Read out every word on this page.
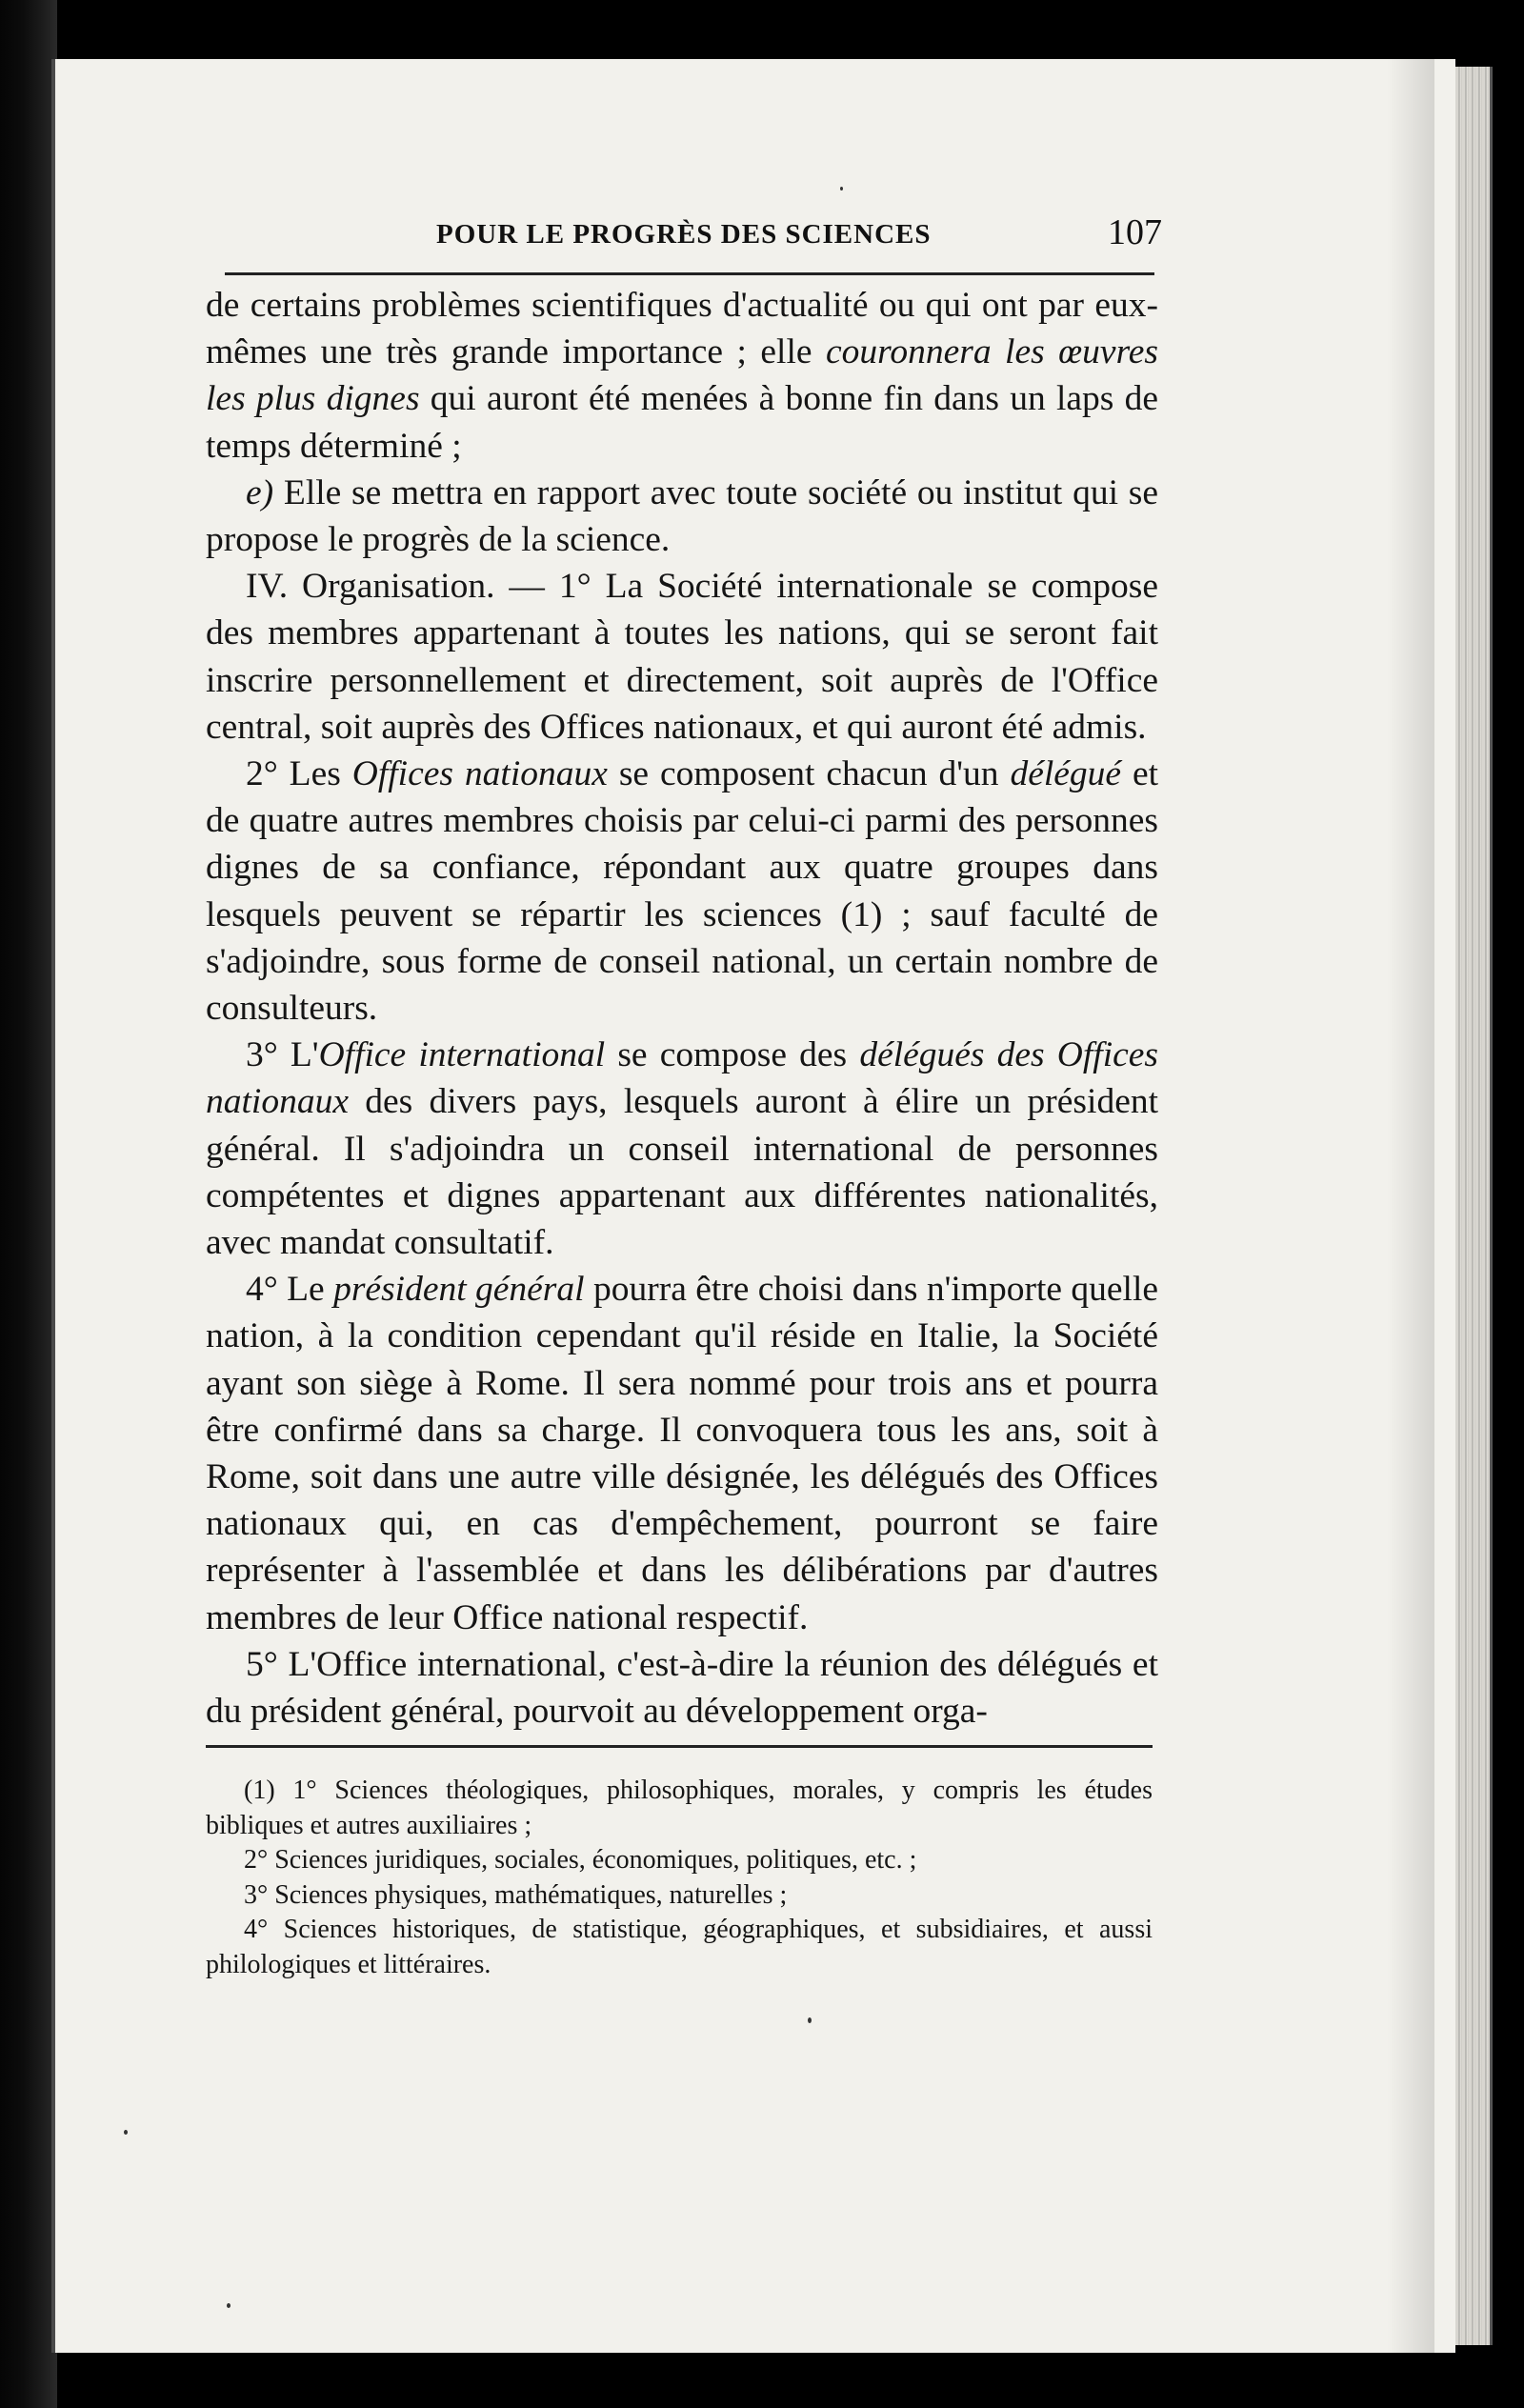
POUR LE PROGRÈS DES SCIENCES	107

de certains problèmes scientifiques d'actualité ou qui ont par eux-mêmes une très grande importance ; elle couronnera les œuvres les plus dignes qui auront été menées à bonne fin dans un laps de temps déterminé ;

e) Elle se mettra en rapport avec toute société ou institut qui se propose le progrès de la science.

IV. Organisation. — 1° La Société internationale se compose des membres appartenant à toutes les nations, qui se seront fait inscrire personnellement et directement, soit auprès de l'Office central, soit auprès des Offices nationaux, et qui auront été admis.

2° Les Offices nationaux se composent chacun d'un délégué et de quatre autres membres choisis par celui-ci parmi des personnes dignes de sa confiance, répondant aux quatre groupes dans lesquels peuvent se répartir les sciences (1) ; sauf faculté de s'adjoindre, sous forme de conseil national, un certain nombre de consulteurs.

3° L'Office international se compose des délégués des Offices nationaux des divers pays, lesquels auront à élire un président général. Il s'adjoindra un conseil international de personnes compétentes et dignes appartenant aux différentes nationalités, avec mandat consultatif.

4° Le président général pourra être choisi dans n'importe quelle nation, à la condition cependant qu'il réside en Italie, la Société ayant son siège à Rome. Il sera nommé pour trois ans et pourra être confirmé dans sa charge. Il convoquera tous les ans, soit à Rome, soit dans une autre ville désignée, les délégués des Offices nationaux qui, en cas d'empêchement, pourront se faire représenter à l'assemblée et dans les délibérations par d'autres membres de leur Office national respectif.

5° L'Office international, c'est-à-dire la réunion des délégués et du président général, pourvoit au développement orga-

(1) 1° Sciences théologiques, philosophiques, morales, y compris les études bibliques et autres auxiliaires ;

2° Sciences juridiques, sociales, économiques, politiques, etc. ;

3° Sciences physiques, mathématiques, naturelles ;

4° Sciences historiques, de statistique, géographiques, et subsidiaires, et aussi philologiques et littéraires.
